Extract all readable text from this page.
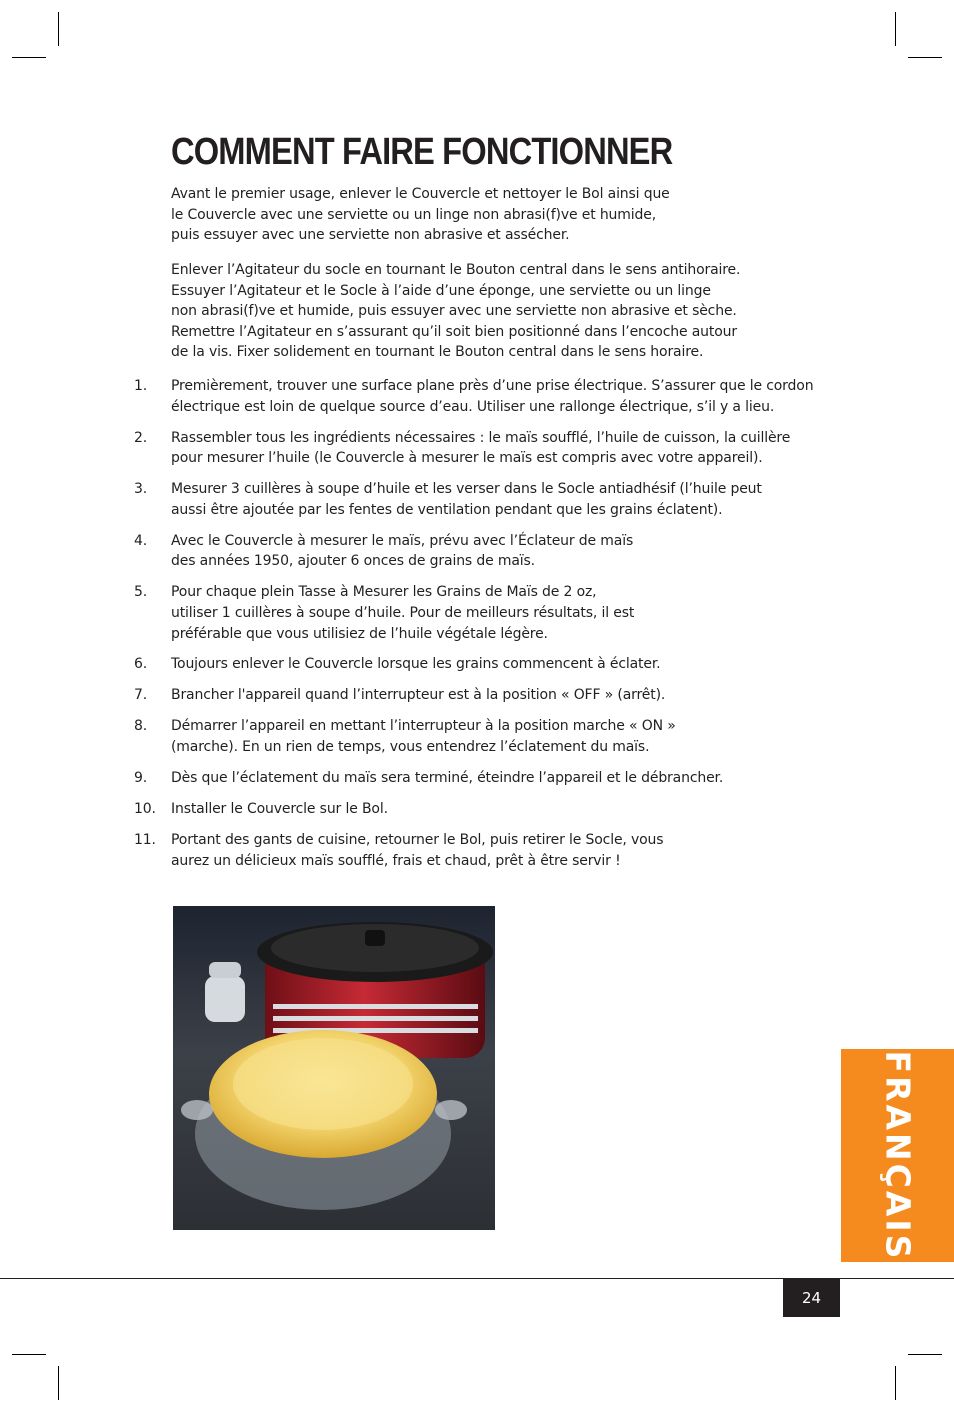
COMMENT FAIRE FONCTIONNER

Avant le premier usage, enlever le Couvercle et nettoyer le Bol ainsi que
le Couvercle avec une serviette ou un linge non abrasi(f)ve et humide,
puis essuyer avec une serviette non abrasive et assécher.

Enlever l’Agitateur du socle en tournant le Bouton central dans le sens antihoraire.
Essuyer l’Agitateur et le Socle à l’aide d’une éponge, une serviette ou un linge
non abrasi(f)ve et humide, puis essuyer avec une serviette non abrasive et sèche.
Remettre l’Agitateur en s’assurant qu’il soit bien positionné dans l’encoche autour
de la vis. Fixer solidement en tournant le Bouton central dans le sens horaire.

1. Premièrement, trouver une surface plane près d’une prise électrique. S’assurer que le cordon
électrique est loin de quelque source d’eau. Utiliser une rallonge électrique, s’il y a lieu.
2. Rassembler tous les ingrédients nécessaires : le maïs soufflé, l’huile de cuisson, la cuillère
pour mesurer l’huile (le Couvercle à mesurer le maïs est compris avec votre appareil).
3. Mesurer 3 cuillères à soupe d’huile et les verser dans le Socle antiadhésif (l’huile peut
aussi être ajoutée par les fentes de ventilation pendant que les grains éclatent).
4. Avec le Couvercle à mesurer le maïs, prévu avec l’Éclateur de maïs
des années 1950, ajouter 6 onces de grains de maïs.
5. Pour chaque plein Tasse à Mesurer les Grains de Maïs de 2 oz,
utiliser 1 cuillères à soupe d’huile. Pour de meilleurs résultats, il est
préférable que vous utilisiez de l’huile végétale légère.
6. Toujours enlever le Couvercle lorsque les grains commencent à éclater.
7. Brancher l'appareil quand l’interrupteur est à la position « OFF » (arrêt).
8. Démarrer l’appareil en mettant l’interrupteur à la position marche « ON »
(marche). En un rien de temps, vous entendrez l’éclatement du maïs.
9. Dès que l’éclatement du maïs sera terminé, éteindre l’appareil et le débrancher.
10. Installer le Couvercle sur le Bol.
11. Portant des gants de cuisine, retourner le Bol, puis retirer le Socle, vous
aurez un délicieux maïs soufflé, frais et chaud, prêt à être servir !
FRANÇAIS
24
